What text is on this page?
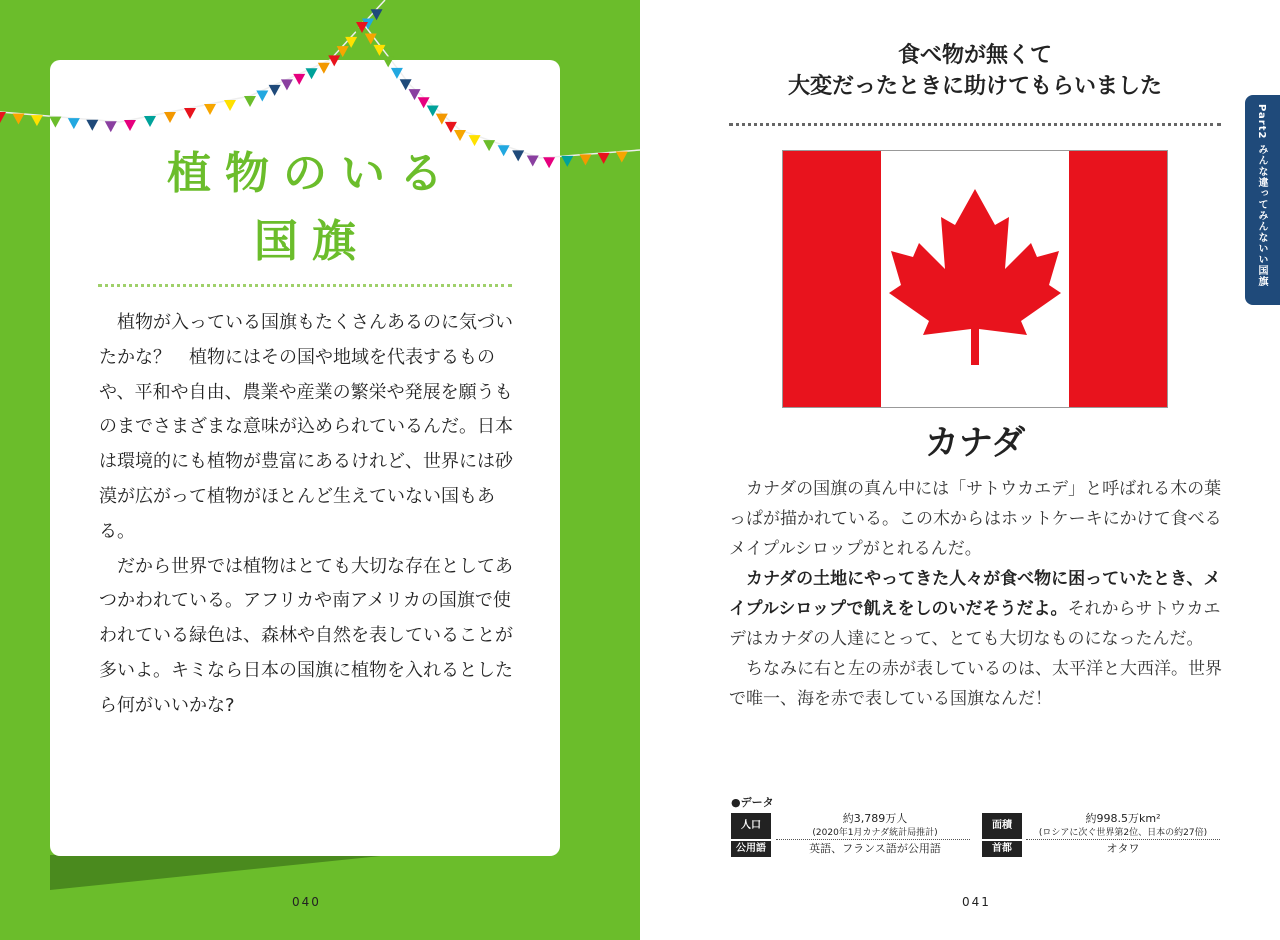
植物のいる
国旗

植物が入っている国旗もたくさんあるのに気づいたかな？　植物にはその国や地域を代表するものや、平和や自由、農業や産業の繁栄や発展を願うものまでさまざまな意味が込められているんだ。日本は環境的にも植物が豊富にあるけれど、世界には砂漠が広がって植物がほとんど生えていない国もある。

だから世界では植物はとても大切な存在としてあつかわれている。アフリカや南アメリカの国旗で使われている緑色は、森林や自然を表していることが多いよ。キミなら日本の国旗に植物を入れるとしたら何がいいかな?

040
食べ物が無くて
大変だったときに助けてもらいました
カナダ

カナダの国旗の真ん中には「サトウカエデ」と呼ばれる木の葉っぱが描かれている。この木からはホットケーキにかけて食べるメイプルシロップがとれるんだ。

カナダの土地にやってきた人々が食べ物に困っていたとき、メイプルシロップで飢えをしのいだそうだよ。それからサトウカエデはカナダの人達にとって、とても大切なものになったんだ。

ちなみに右と左の赤が表しているのは、太平洋と大西洋。世界で唯一、海を赤で表している国旗なんだ！

Part2 みんな違ってみんないい国旗
●データ
人口
約3,789万人
(2020年1月カナダ統計局推計)
公用語	英語、フランス語が公用語
面積
約998.5万km²
(ロシアに次ぐ世界第2位、日本の約27倍)
首都	オタワ
041
